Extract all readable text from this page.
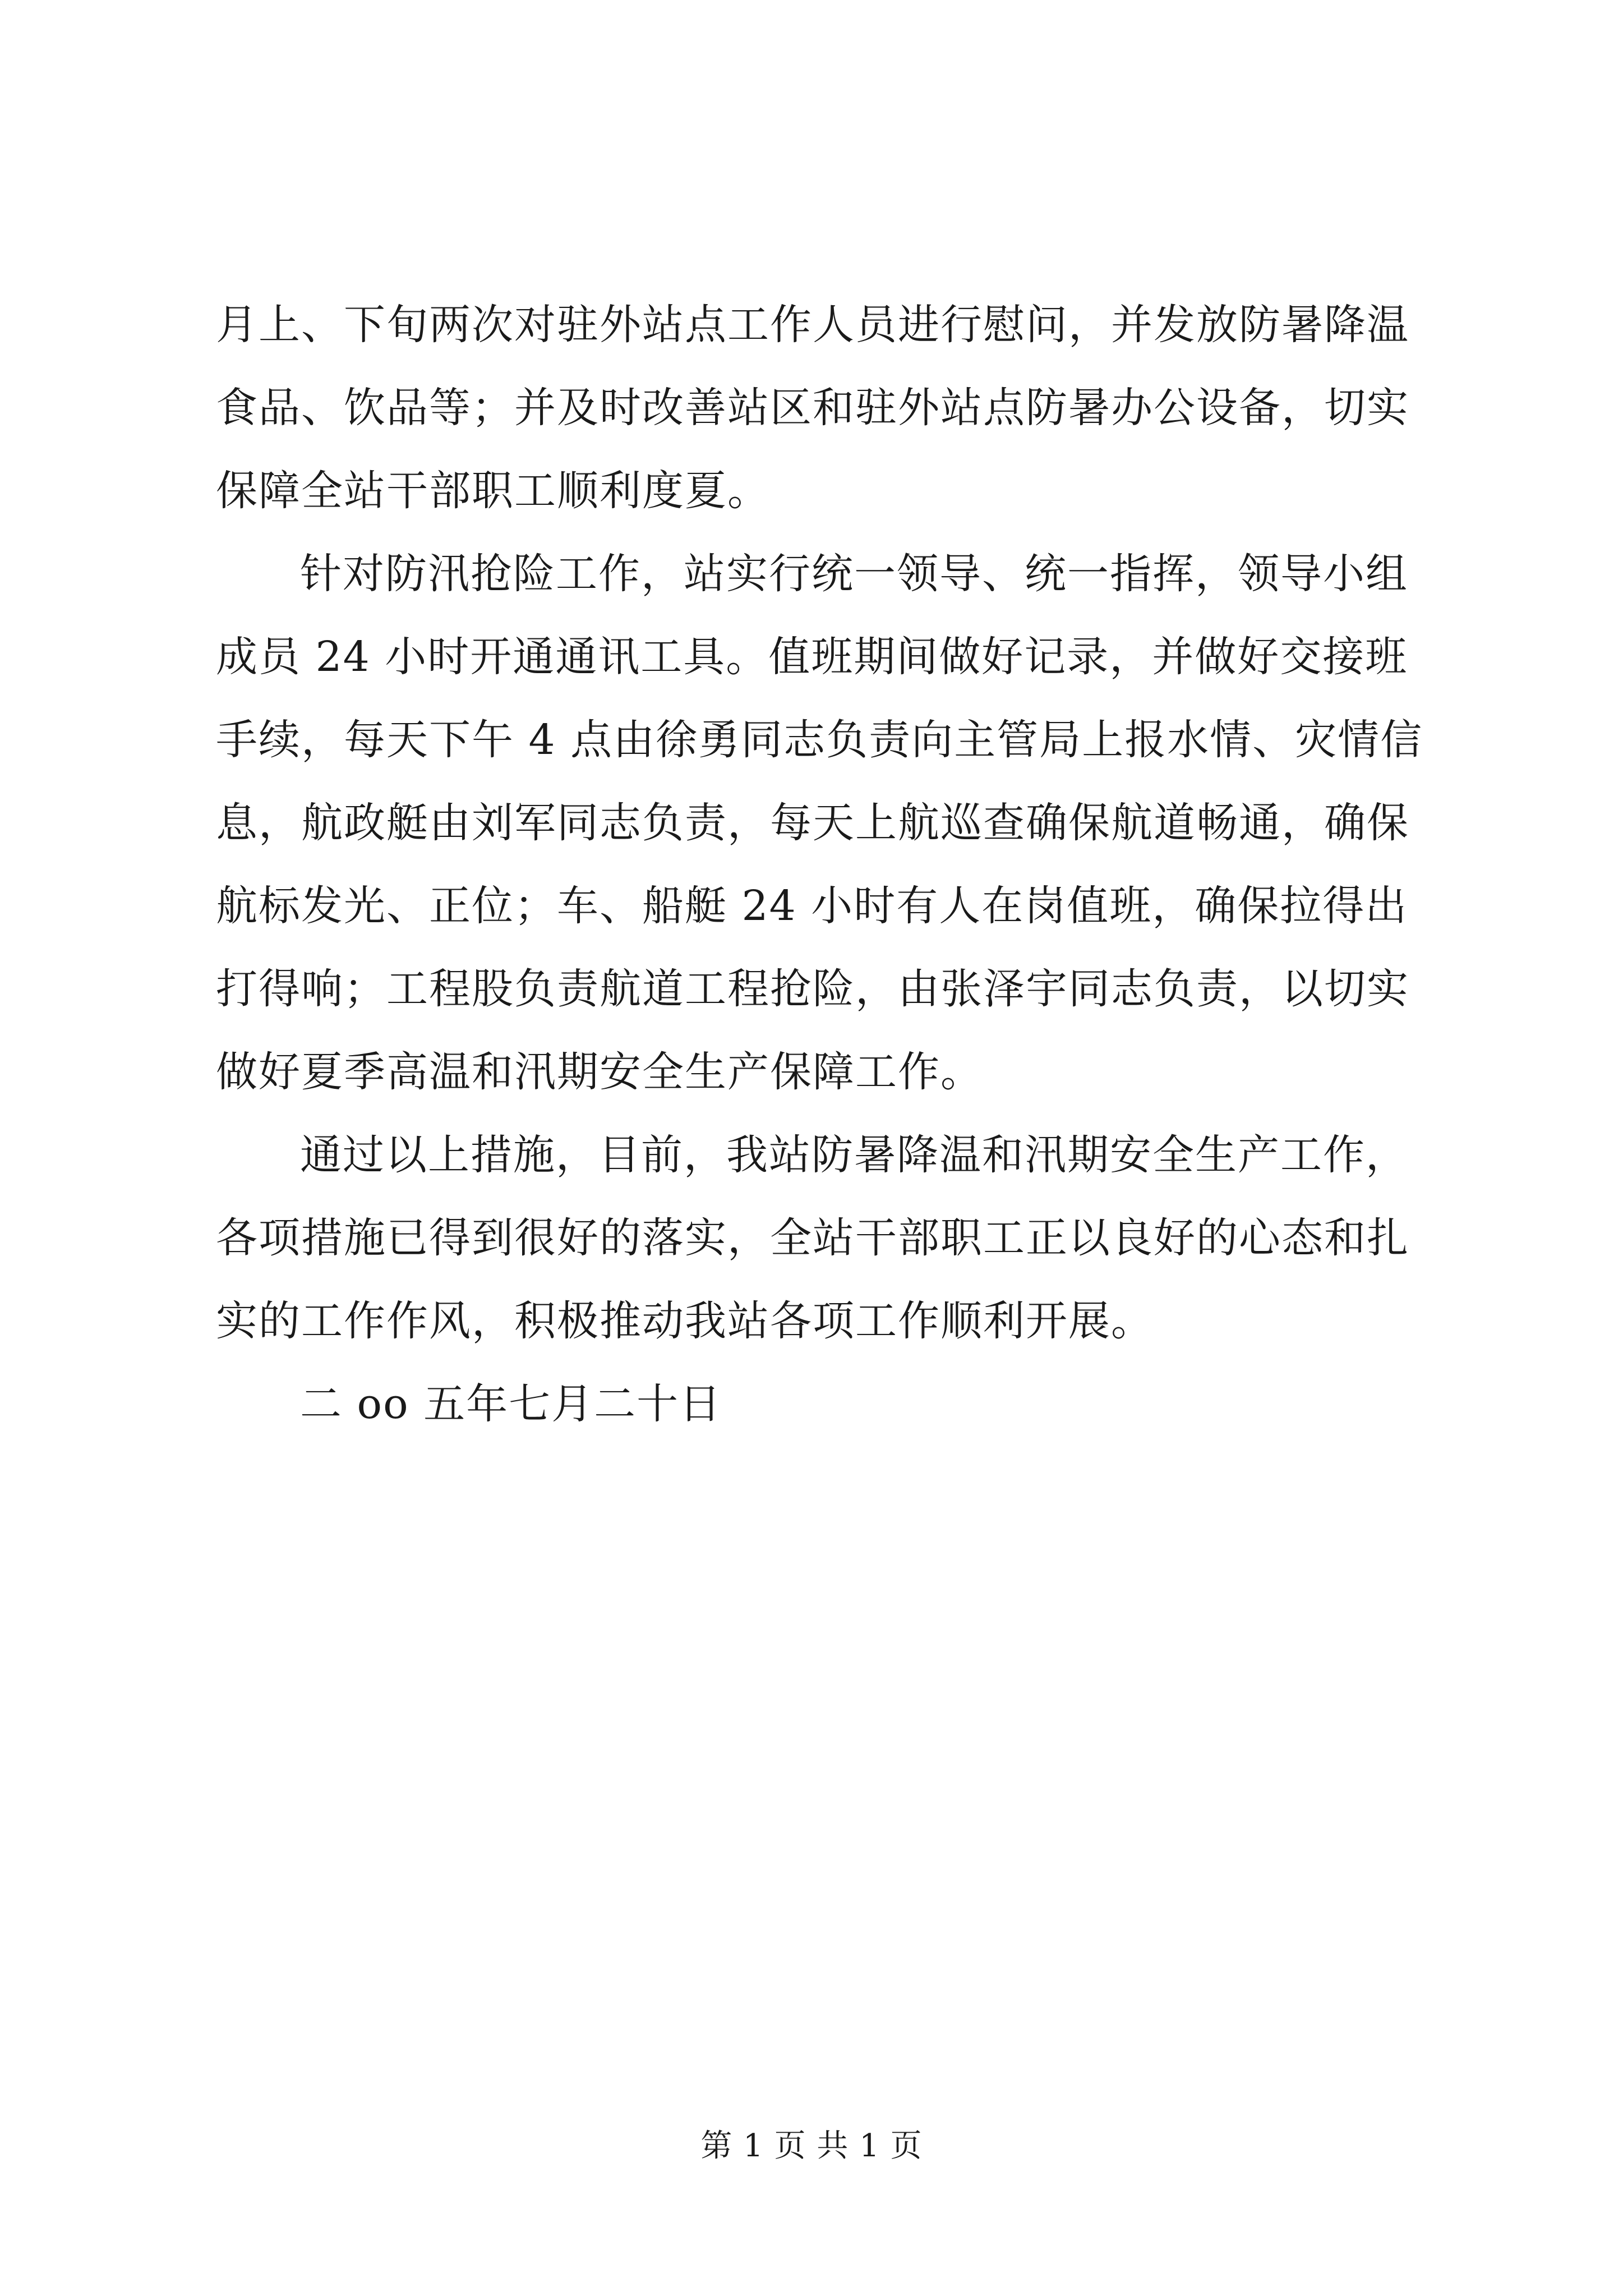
月上、下旬两次对驻外站点工作人员进行慰问，并发放防暑降温
食品、饮品等；并及时改善站区和驻外站点防暑办公设备，切实
保障全站干部职工顺利度夏。
针对防汛抢险工作，站实行统一领导、统一指挥，领导小组
成员 24 小时开通通讯工具。值班期间做好记录，并做好交接班
手续，每天下午 4 点由徐勇同志负责向主管局上报水情、灾情信
息，航政艇由刘军同志负责，每天上航巡查确保航道畅通，确保
航标发光、正位；车、船艇 24 小时有人在岗值班，确保拉得出
打得响；工程股负责航道工程抢险，由张泽宇同志负责，以切实
做好夏季高温和汛期安全生产保障工作。
通过以上措施，目前，我站防暑降温和汛期安全生产工作，
各项措施已得到很好的落实，全站干部职工正以良好的心态和扎
实的工作作风，积极推动我站各项工作顺利开展。
二 oo 五年七月二十日
第 1 页 共 1 页
